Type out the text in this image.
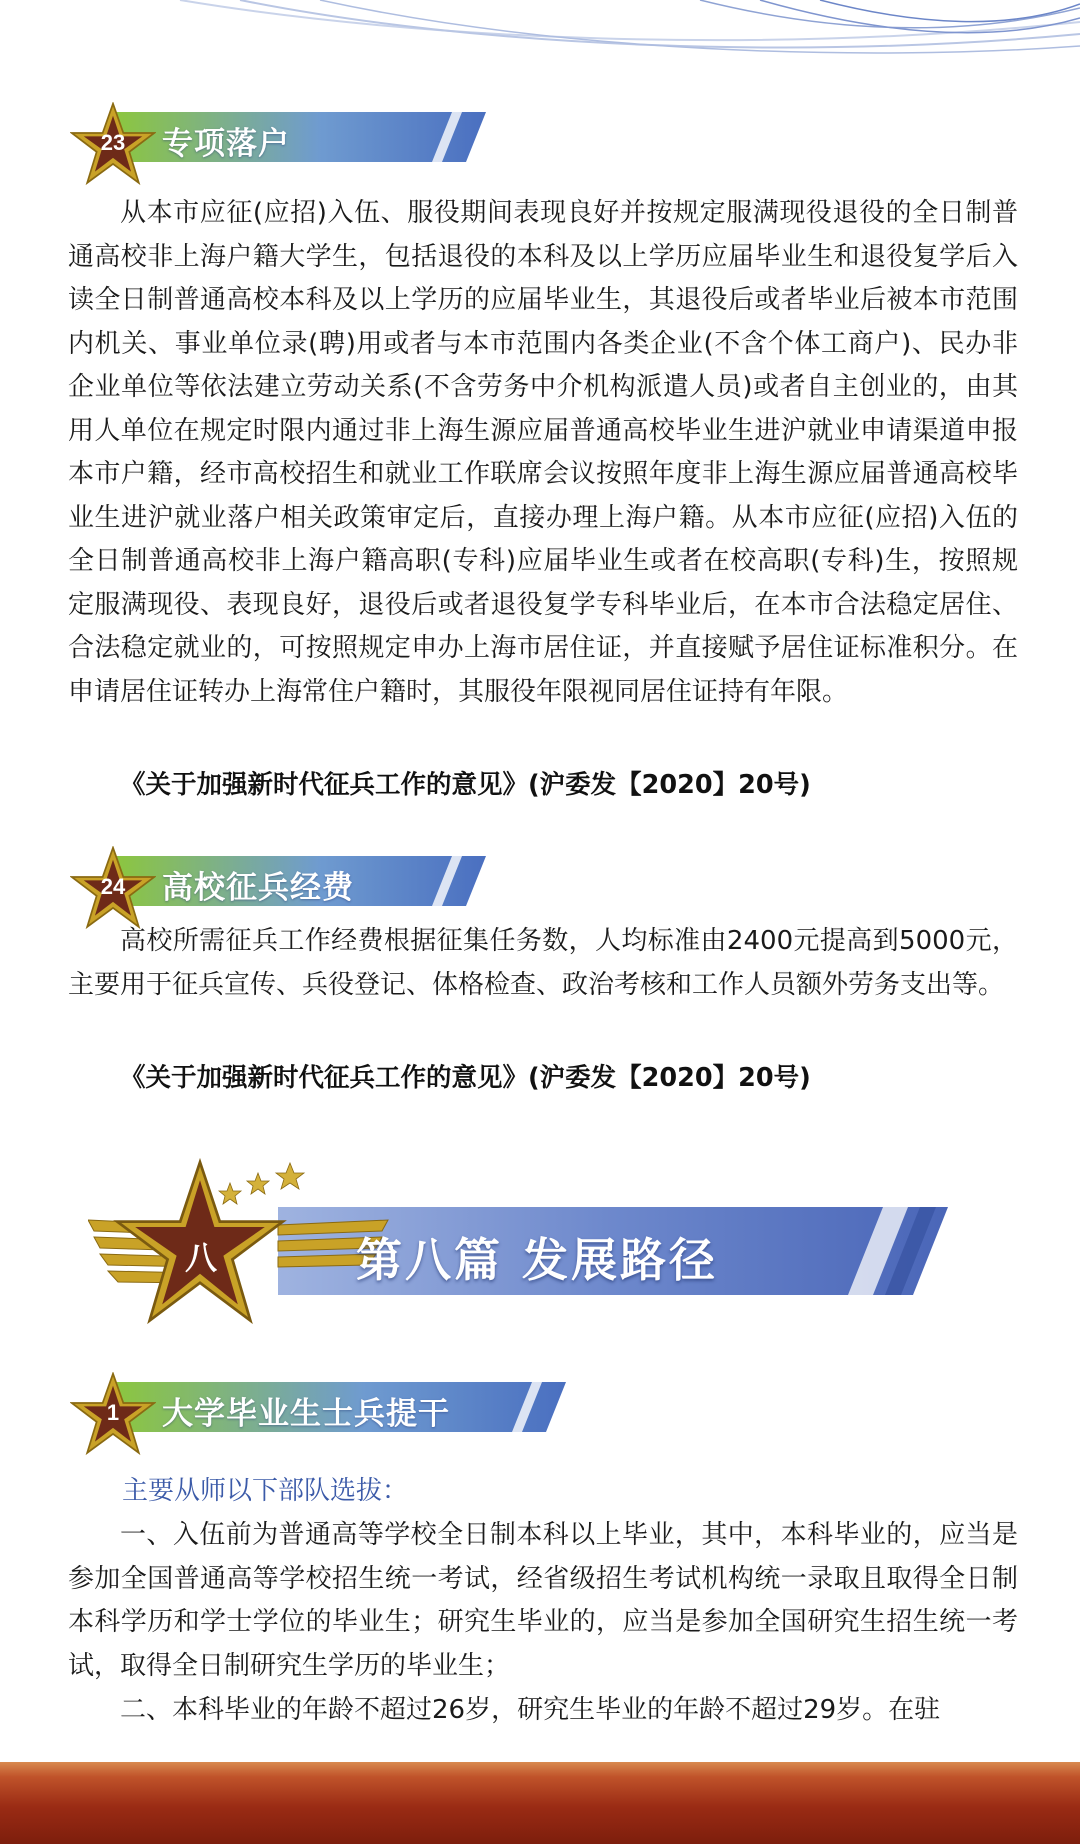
23 专项落户

从本市应征(应招)入伍、服役期间表现良好并按规定服满现役退役的全日制普通高校非上海户籍大学生，包括退役的本科及以上学历应届毕业生和退役复学后入读全日制普通高校本科及以上学历的应届毕业生，其退役后或者毕业后被本市范围内机关、事业单位录(聘)用或者与本市范围内各类企业(不含个体工商户)、民办非企业单位等依法建立劳动关系(不含劳务中介机构派遣人员)或者自主创业的，由其用人单位在规定时限内通过非上海生源应届普通高校毕业生进沪就业申请渠道申报本市户籍，经市高校招生和就业工作联席会议按照年度非上海生源应届普通高校毕业生进沪就业落户相关政策审定后，直接办理上海户籍。从本市应征(应招)入伍的全日制普通高校非上海户籍高职(专科)应届毕业生或者在校高职(专科)生，按照规定服满现役、表现良好，退役后或者退役复学专科毕业后，在本市合法稳定居住、合法稳定就业的，可按照规定申办上海市居住证，并直接赋予居住证标准积分。在申请居住证转办上海常住户籍时，其服役年限视同居住证持有年限。

《关于加强新时代征兵工作的意见》(沪委发【2020】20号)
24 高校征兵经费

高校所需征兵工作经费根据征集任务数，人均标准由2400元提高到5000元，主要用于征兵宣传、兵役登记、体格检查、政治考核和工作人员额外劳务支出等。

《关于加强新时代征兵工作的意见》(沪委发【2020】20号)
八	第八篇 发展路径
1	大学毕业生士兵提干
主要从师以下部队选拔：

一、入伍前为普通高等学校全日制本科以上毕业，其中，本科毕业的，应当是参加全国普通高等学校招生统一考试，经省级招生考试机构统一录取且取得全日制本科学历和学士学位的毕业生；研究生毕业的，应当是参加全国研究生招生统一考试，取得全日制研究生学历的毕业生；

二、本科毕业的年龄不超过26岁，研究生毕业的年龄不超过29岁。在驻
